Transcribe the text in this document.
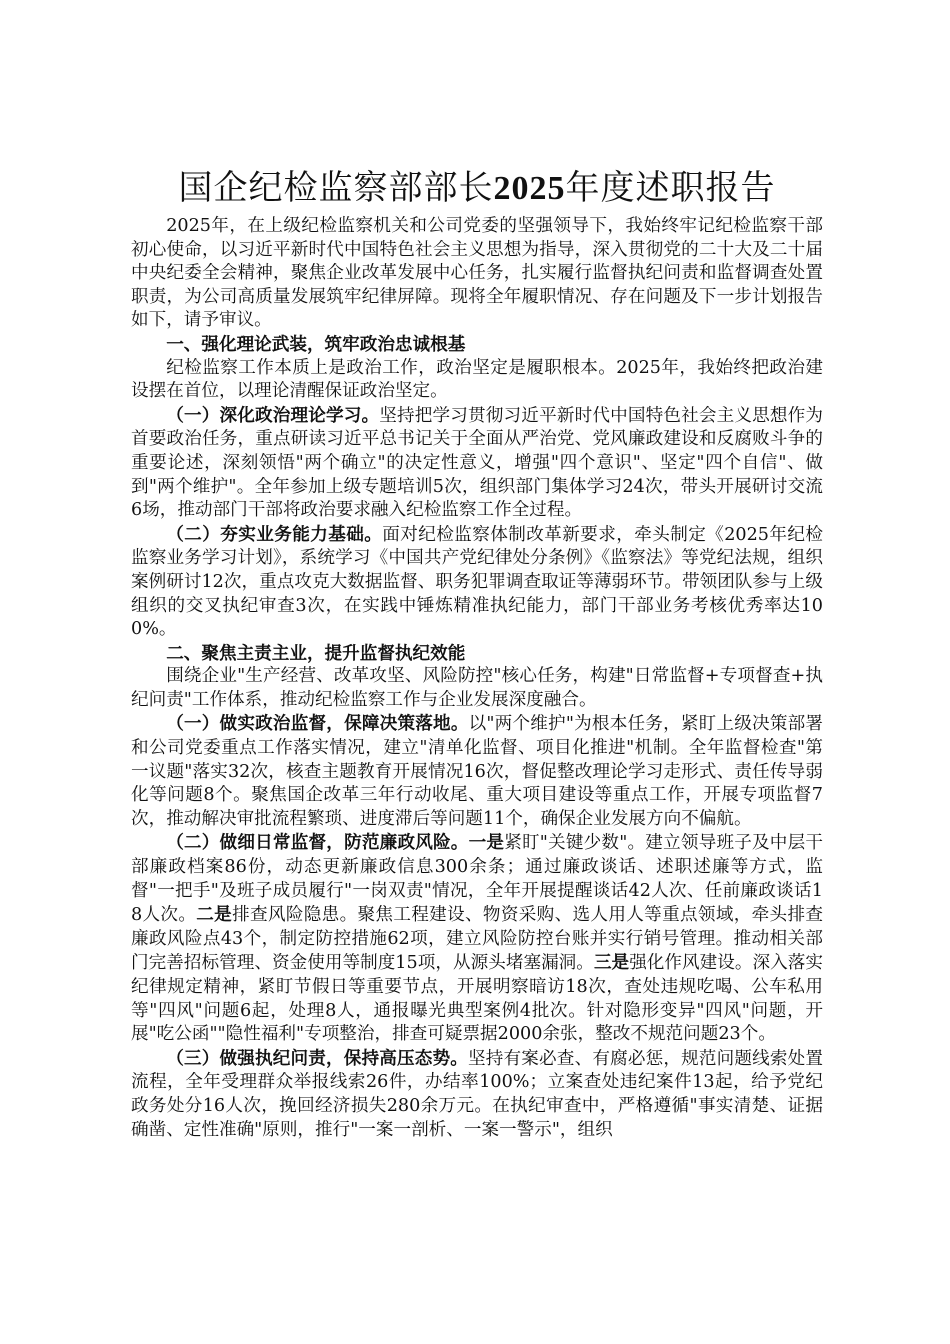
国企纪检监察部部长2025年度述职报告

2025年，在上级纪检监察机关和公司党委的坚强领导下，我始终牢记纪检监察干部初心使命，以习近平新时代中国特色社会主义思想为指导，深入贯彻党的二十大及二十届中央纪委全会精神，聚焦企业改革发展中心任务，扎实履行监督执纪问责和监督调查处置职责，为公司高质量发展筑牢纪律屏障。现将全年履职情况、存在问题及下一步计划报告如下，请予审议。

一、强化理论武装，筑牢政治忠诚根基

纪检监察工作本质上是政治工作，政治坚定是履职根本。2025年，我始终把政治建设摆在首位，以理论清醒保证政治坚定。

（一）深化政治理论学习。坚持把学习贯彻习近平新时代中国特色社会主义思想作为首要政治任务，重点研读习近平总书记关于全面从严治党、党风廉政建设和反腐败斗争的重要论述，深刻领悟"两个确立"的决定性意义，增强"四个意识"、坚定"四个自信"、做到"两个维护"。全年参加上级专题培训5次，组织部门集体学习24次，带头开展研讨交流6场，推动部门干部将政治要求融入纪检监察工作全过程。

（二）夯实业务能力基础。面对纪检监察体制改革新要求，牵头制定《2025年纪检监察业务学习计划》，系统学习《中国共产党纪律处分条例》《监察法》等党纪法规，组织案例研讨12次，重点攻克大数据监督、职务犯罪调查取证等薄弱环节。带领团队参与上级组织的交叉执纪审查3次，在实践中锤炼精准执纪能力，部门干部业务考核优秀率达100%。

二、聚焦主责主业，提升监督执纪效能

围绕企业"生产经营、改革攻坚、风险防控"核心任务，构建"日常监督+专项督查+执纪问责"工作体系，推动纪检监察工作与企业发展深度融合。

（一）做实政治监督，保障决策落地。以"两个维护"为根本任务，紧盯上级决策部署和公司党委重点工作落实情况，建立"清单化监督、项目化推进"机制。全年监督检查"第一议题"落实32次，核查主题教育开展情况16次，督促整改理论学习走形式、责任传导弱化等问题8个。聚焦国企改革三年行动收尾、重大项目建设等重点工作，开展专项监督7次，推动解决审批流程繁琐、进度滞后等问题11个，确保企业发展方向不偏航。

（二）做细日常监督，防范廉政风险。一是紧盯"关键少数"。建立领导班子及中层干部廉政档案86份，动态更新廉政信息300余条；通过廉政谈话、述职述廉等方式，监督"一把手"及班子成员履行"一岗双责"情况，全年开展提醒谈话42人次、任前廉政谈话18人次。二是排查风险隐患。聚焦工程建设、物资采购、选人用人等重点领域，牵头排查廉政风险点43个，制定防控措施62项，建立风险防控台账并实行销号管理。推动相关部门完善招标管理、资金使用等制度15项，从源头堵塞漏洞。三是强化作风建设。深入落实纪律规定精神，紧盯节假日等重要节点，开展明察暗访18次，查处违规吃喝、公车私用等"四风"问题6起，处理8人，通报曝光典型案例4批次。针对隐形变异"四风"问题，开展"吃公函""隐性福利"专项整治，排查可疑票据2000余张，整改不规范问题23个。

（三）做强执纪问责，保持高压态势。坚持有案必查、有腐必惩，规范问题线索处置流程，全年受理群众举报线索26件，办结率100%；立案查处违纪案件13起，给予党纪政务处分16人次，挽回经济损失280余万元。在执纪审查中，严格遵循"事实清楚、证据确凿、定性准确"原则，推行"一案一剖析、一案一警示"，组织
